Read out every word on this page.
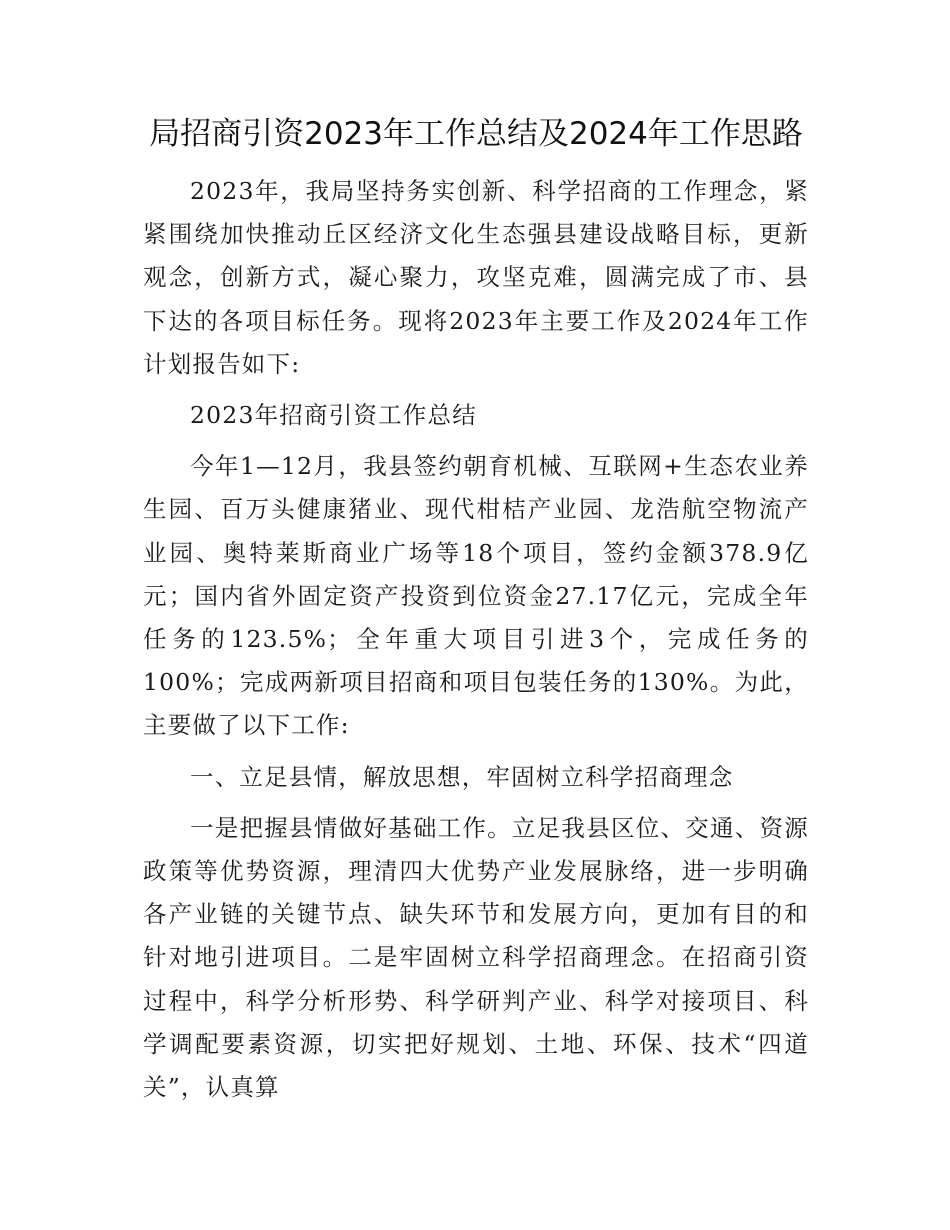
局招商引资2023年工作总结及2024年工作思路

2023年，我局坚持务实创新、科学招商的工作理念，紧紧围绕加快推动丘区经济文化生态强县建设战略目标，更新观念，创新方式，凝心聚力，攻坚克难，圆满完成了市、县下达的各项目标任务。现将2023年主要工作及2024年工作计划报告如下:

2023年招商引资工作总结

今年1—12月，我县签约朝育机械、互联网+生态农业养生园、百万头健康猪业、现代柑桔产业园、龙浩航空物流产业园、奥特莱斯商业广场等18个项目，签约金额378.9亿元；国内省外固定资产投资到位资金27.17亿元，完成全年任务的123.5%；全年重大项目引进3个，完成任务的100%；完成两新项目招商和项目包装任务的130%。为此，主要做了以下工作:

一、立足县情，解放思想，牢固树立科学招商理念

一是把握县情做好基础工作。立足我县区位、交通、资源政策等优势资源，理清四大优势产业发展脉络，进一步明确各产业链的关键节点、缺失环节和发展方向，更加有目的和针对地引进项目。二是牢固树立科学招商理念。在招商引资过程中，科学分析形势、科学研判产业、科学对接项目、科学调配要素资源，切实把好规划、土地、环保、技术“四道关”，认真算
